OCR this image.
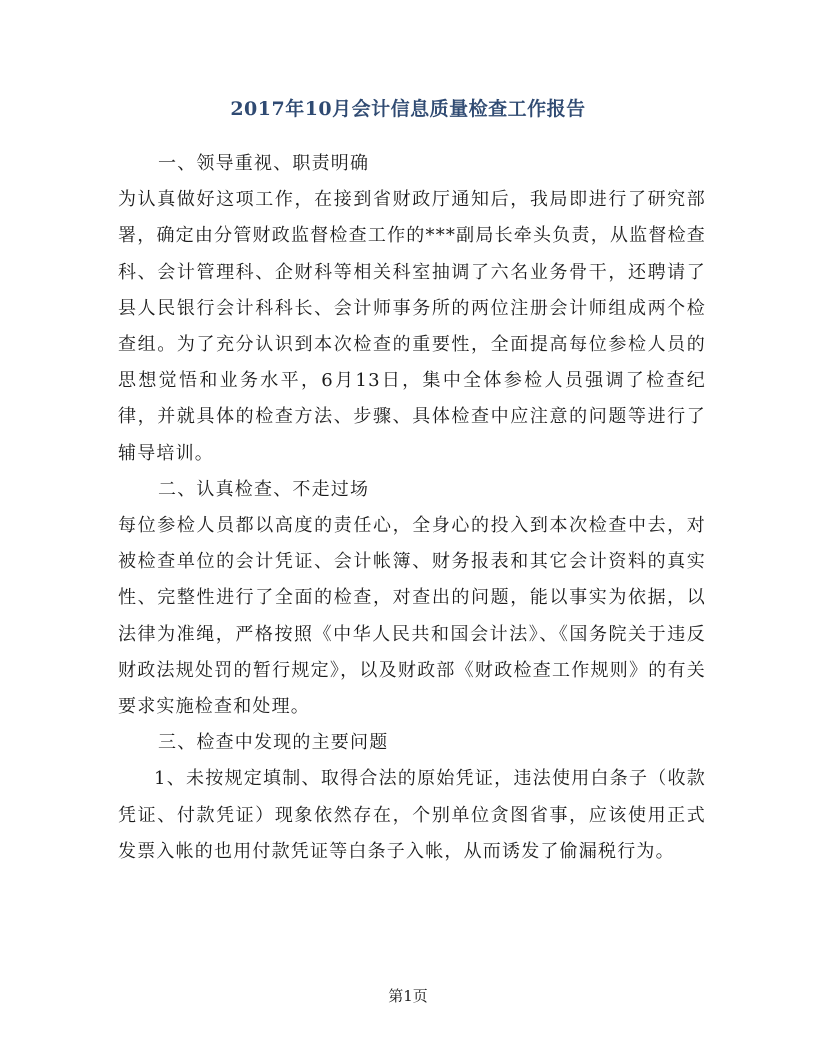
2017年10月会计信息质量检查工作报告

一、领导重视、职责明确

为认真做好这项工作，在接到省财政厅通知后，我局即进行了研究部署，确定由分管财政监督检查工作的***副局长牵头负责，从监督检查科、会计管理科、企财科等相关科室抽调了六名业务骨干，还聘请了县人民银行会计科科长、会计师事务所的两位注册会计师组成两个检查组。为了充分认识到本次检查的重要性，全面提高每位参检人员的思想觉悟和业务水平，6月13日，集中全体参检人员强调了检查纪律，并就具体的检查方法、步骤、具体检查中应注意的问题等进行了辅导培训。

二、认真检查、不走过场

每位参检人员都以高度的责任心，全身心的投入到本次检查中去，对被检查单位的会计凭证、会计帐簿、财务报表和其它会计资料的真实性、完整性进行了全面的检查，对查出的问题，能以事实为依据，以法律为准绳，严格按照《中华人民共和国会计法》、《国务院关于违反财政法规处罚的暂行规定》，以及财政部《财政检查工作规则》的有关要求实施检查和处理。

三、检查中发现的主要问题

1、未按规定填制、取得合法的原始凭证，违法使用白条子（收款凭证、付款凭证）现象依然存在，个别单位贪图省事，应该使用正式发票入帐的也用付款凭证等白条子入帐，从而诱发了偷漏税行为。

第1页
